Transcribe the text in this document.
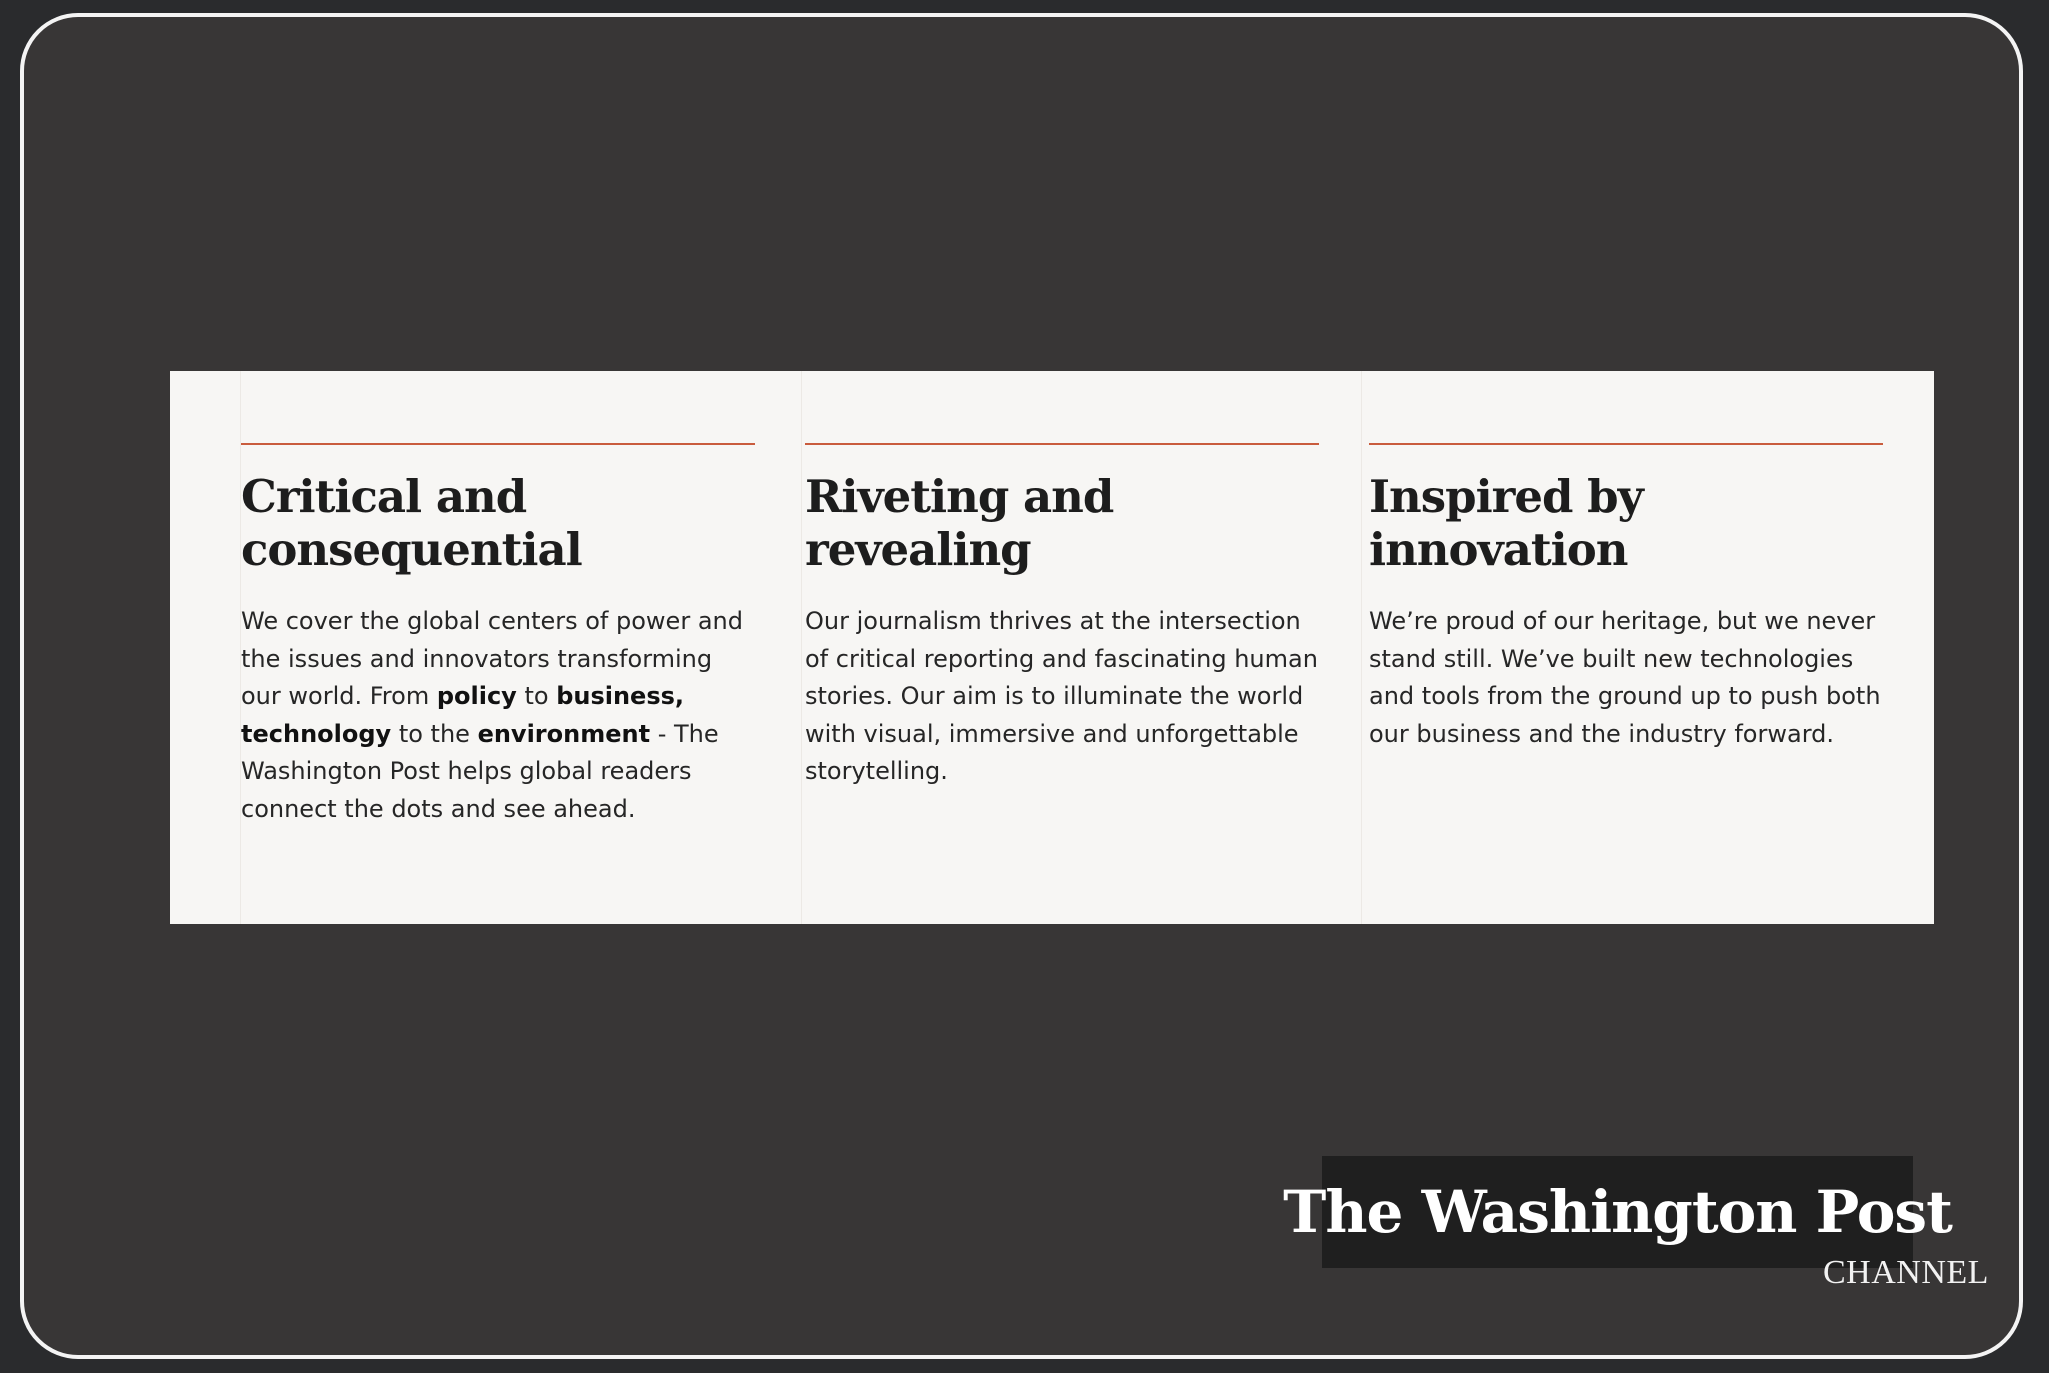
Critical and
consequential

We cover the global centers of power and the issues and innovators transforming our world. From policy to business, technology to the environment - The Washington Post helps global readers connect the dots and see ahead.

Riveting and
revealing

Our journalism thrives at the intersection of critical reporting and fascinating human stories. Our aim is to illuminate the world with visual, immersive and unforgettable storytelling.

Inspired by
innovation

We’re proud of our heritage, but we never stand still. We’ve built new technologies and tools from the ground up to push both our business and the industry forward.

The Washington Post
CHANNEL
